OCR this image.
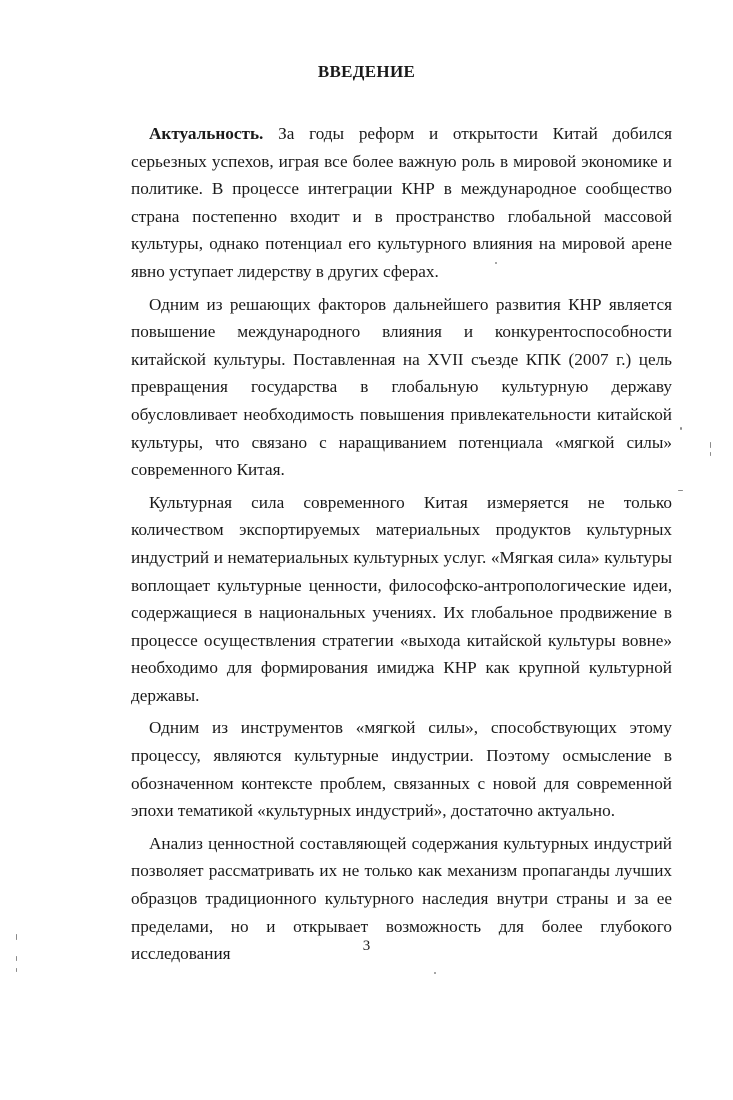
ВВЕДЕНИЕ

Актуальность. За годы реформ и открытости Китай добился серьезных успехов, играя все более важную роль в мировой экономике и политике. В процессе интеграции КНР в международное сообщество страна постепенно входит и в пространство глобальной массовой культуры, однако потенциал его культурного влияния на мировой арене явно уступает лидерству в других сферах.

Одним из решающих факторов дальнейшего развития КНР является повышение международного влияния и конкурентоспособности китайской культуры. Поставленная на XVII съезде КПК (2007 г.) цель превращения государства в глобальную культурную державу обусловливает необходимость повышения привлекательности китайской культуры, что связано с наращиванием потенциала «мягкой силы» современного Китая.

Культурная сила современного Китая измеряется не только количеством экспортируемых материальных продуктов культурных индустрий и нематериальных культурных услуг. «Мягкая сила» культуры воплощает культурные ценности, философско-антропологические идеи, содержащиеся в национальных учениях. Их глобальное продвижение в процессе осуществления стратегии «выхода китайской культуры вовне» необходимо для формирования имиджа КНР как крупной культурной державы.

Одним из инструментов «мягкой силы», способствующих этому процессу, являются культурные индустрии. Поэтому осмысление в обозначенном контексте проблем, связанных с новой для современной эпохи тематикой «культурных индустрий», достаточно актуально.

Анализ ценностной составляющей содержания культурных индустрий позволяет рассматривать их не только как механизм пропаганды лучших образцов традиционного культурного наследия внутри страны и за ее пределами, но и открывает возможность для более глубокого исследования	3
